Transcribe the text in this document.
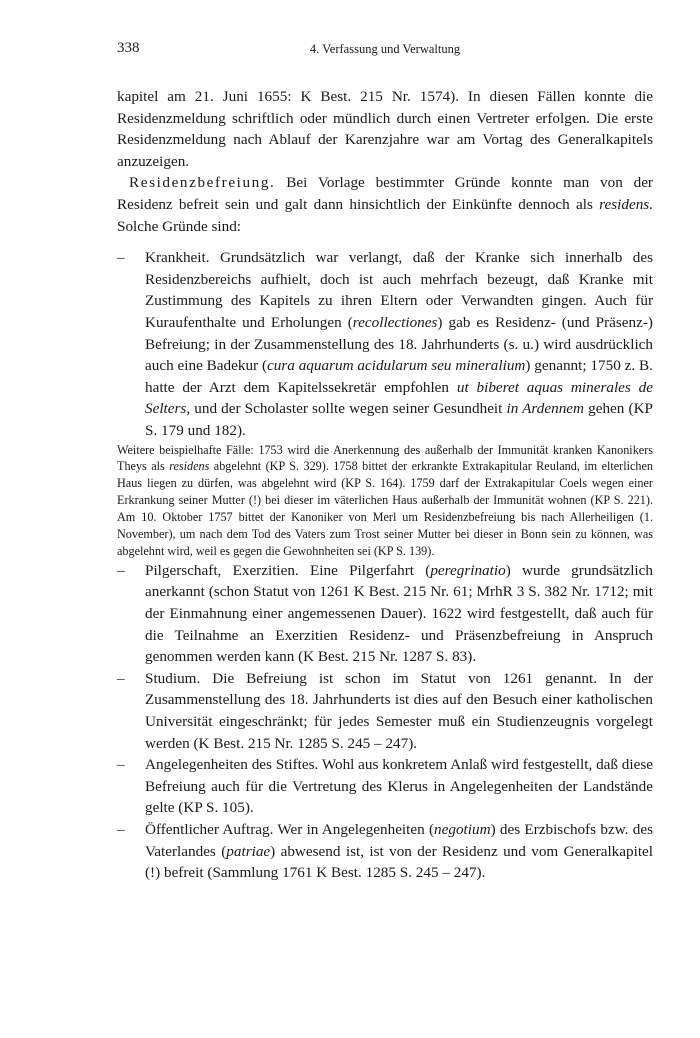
338	4. Verfassung und Verwaltung

kapitel am 21. Juni 1655: K Best. 215 Nr. 1574). In diesen Fällen konnte die Residenzmeldung schriftlich oder mündlich durch einen Vertreter erfolgen. Die erste Residenzmeldung nach Ablauf der Karenzjahre war am Vortag des Generalkapitels anzuzeigen.

Residenzbefreiung. Bei Vorlage bestimmter Gründe konnte man von der Residenz befreit sein und galt dann hinsichtlich der Einkünfte dennoch als residens. Solche Gründe sind:

– Krankheit. Grundsätzlich war verlangt, daß der Kranke sich innerhalb des Residenzbereichs aufhielt, doch ist auch mehrfach bezeugt, daß Kranke mit Zustimmung des Kapitels zu ihren Eltern oder Verwandten gingen. Auch für Kuraufenthalte und Erholungen (recollectiones) gab es Residenz- (und Präsenz-) Befreiung; in der Zusammenstellung des 18. Jahrhunderts (s. u.) wird ausdrücklich auch eine Badekur (cura aquarum acidularum seu mineralium) genannt; 1750 z. B. hatte der Arzt dem Kapitelssekretär empfohlen ut biberet aquas minerales de Selters, und der Scholaster sollte wegen seiner Gesundheit in Ardennem gehen (KP S. 179 und 182).

Weitere beispielhafte Fälle: 1753 wird die Anerkennung des außerhalb der Immunität kranken Kanonikers Theys als residens abgelehnt (KP S. 329). 1758 bittet der erkrankte Extrakapitular Reuland, im elterlichen Haus liegen zu dürfen, was abgelehnt wird (KP S. 164). 1759 darf der Extrakapitular Coels wegen einer Erkrankung seiner Mutter (!) bei dieser im väterlichen Haus außerhalb der Immunität wohnen (KP S. 221). Am 10. Oktober 1757 bittet der Kanoniker von Merl um Residenzbefreiung bis nach Allerheiligen (1. November), um nach dem Tod des Vaters zum Trost seiner Mutter bei dieser in Bonn sein zu können, was abgelehnt wird, weil es gegen die Gewohnheiten sei (KP S. 139).

– Pilgerschaft, Exerzitien. Eine Pilgerfahrt (peregrinatio) wurde grundsätzlich anerkannt (schon Statut von 1261 K Best. 215 Nr. 61; MrhR 3 S. 382 Nr. 1712; mit der Einmahnung einer angemessenen Dauer). 1622 wird festgestellt, daß auch für die Teilnahme an Exerzitien Residenz- und Präsenzbefreiung in Anspruch genommen werden kann (K Best. 215 Nr. 1287 S. 83).
– Studium. Die Befreiung ist schon im Statut von 1261 genannt. In der Zusammenstellung des 18. Jahrhunderts ist dies auf den Besuch einer katholischen Universität eingeschränkt; für jedes Semester muß ein Studienzeugnis vorgelegt werden (K Best. 215 Nr. 1285 S. 245 – 247).
– Angelegenheiten des Stiftes. Wohl aus konkretem Anlaß wird festgestellt, daß diese Befreiung auch für die Vertretung des Klerus in Angelegenheiten der Landstände gelte (KP S. 105).
– Öffentlicher Auftrag. Wer in Angelegenheiten (negotium) des Erzbischofs bzw. des Vaterlandes (patriae) abwesend ist, ist von der Residenz und vom Generalkapitel (!) befreit (Sammlung 1761 K Best. 1285 S. 245 – 247).
